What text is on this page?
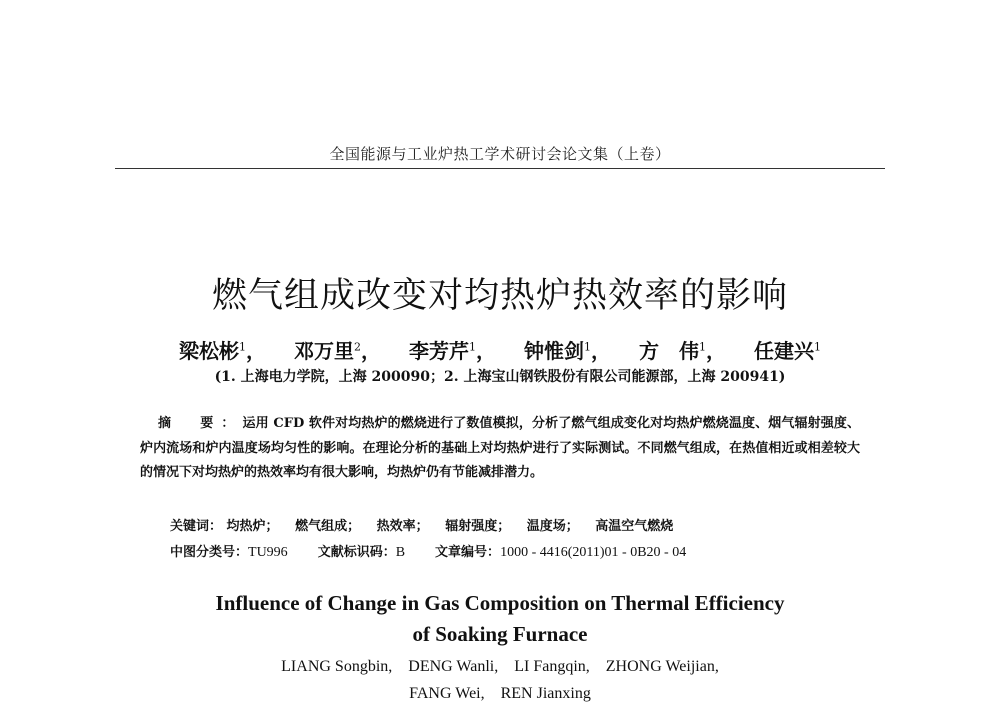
全国能源与工业炉热工学术研讨会论文集（上卷）
燃气组成改变对均热炉热效率的影响
梁松彬$^1$， 邓万里$^2$， 李芳芹$^1$， 钟惟剑$^1$， 方　伟$^1$， 任建兴$^1$
(1. 上海电力学院，上海 200090；2. 上海宝山钢铁股份有限公司能源部，上海 200941)
摘　要：运用 CFD 软件对均热炉的燃烧进行了数值模拟，分析了燃气组成变化对均热炉燃烧温度、烟气辐射强度、炉内流场和炉内温度场均匀性的影响。在理论分析的基础上对均热炉进行了实际测试。不同燃气组成，在热值相近或相差较大的情况下对均热炉的热效率均有很大影响，均热炉仍有节能减排潜力。
关键词： 均热炉； 燃气组成； 热效率； 辐射强度； 温度场； 高温空气燃烧
中图分类号：TU996 文献标识码：B 文章编号：1000 - 4416(2011)01 - 0B20 - 04
Influence of Change in Gas Composition on Thermal Efficiency
of Soaking Furnace
LIANG Songbin, DENG Wanli, LI Fangqin, ZHONG Weijian,
FANG Wei, REN Jianxing
